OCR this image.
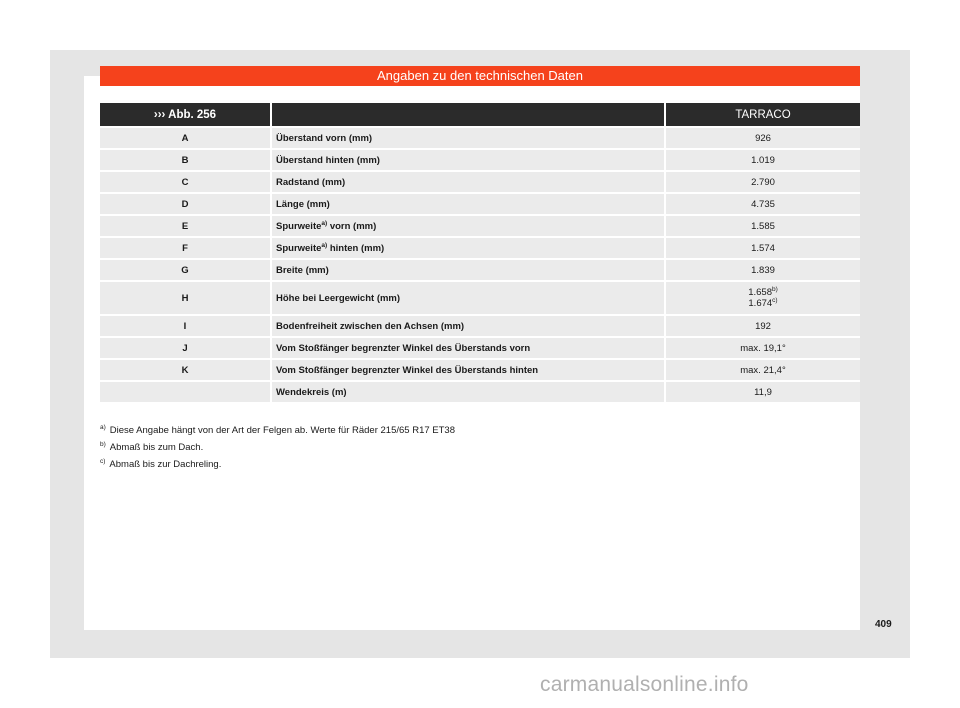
Angaben zu den technischen Daten
››› Abb. 256		TARRACO
A	Überstand vorn (mm)	926
B	Überstand hinten (mm)	1.019
C	Radstand (mm)	2.790
D	Länge (mm)	4.735
E	Spurweite$^{a)}$ vorn (mm)	1.585
F	Spurweite$^{a)}$ hinten (mm)	1.574
G	Breite (mm)	1.839
H	Höhe bei Leergewicht (mm)	1.658$^{b)}$
1.674$^{c)}$
I	Bodenfreiheit zwischen den Achsen (mm)	192
J	Vom Stoßfänger begrenzter Winkel des Überstands vorn	max. 19,1°
K	Vom Stoßfänger begrenzter Winkel des Überstands hinten	max. 21,4°
	Wendekreis (m)	11,9
$^{a)}$ Diese Angabe hängt von der Art der Felgen ab. Werte für Räder 215/65 R17 ET38
$^{b)}$ Abmaß bis zum Dach.
$^{c)}$ Abmaß bis zur Dachreling.
409
carmanualsonline.info
